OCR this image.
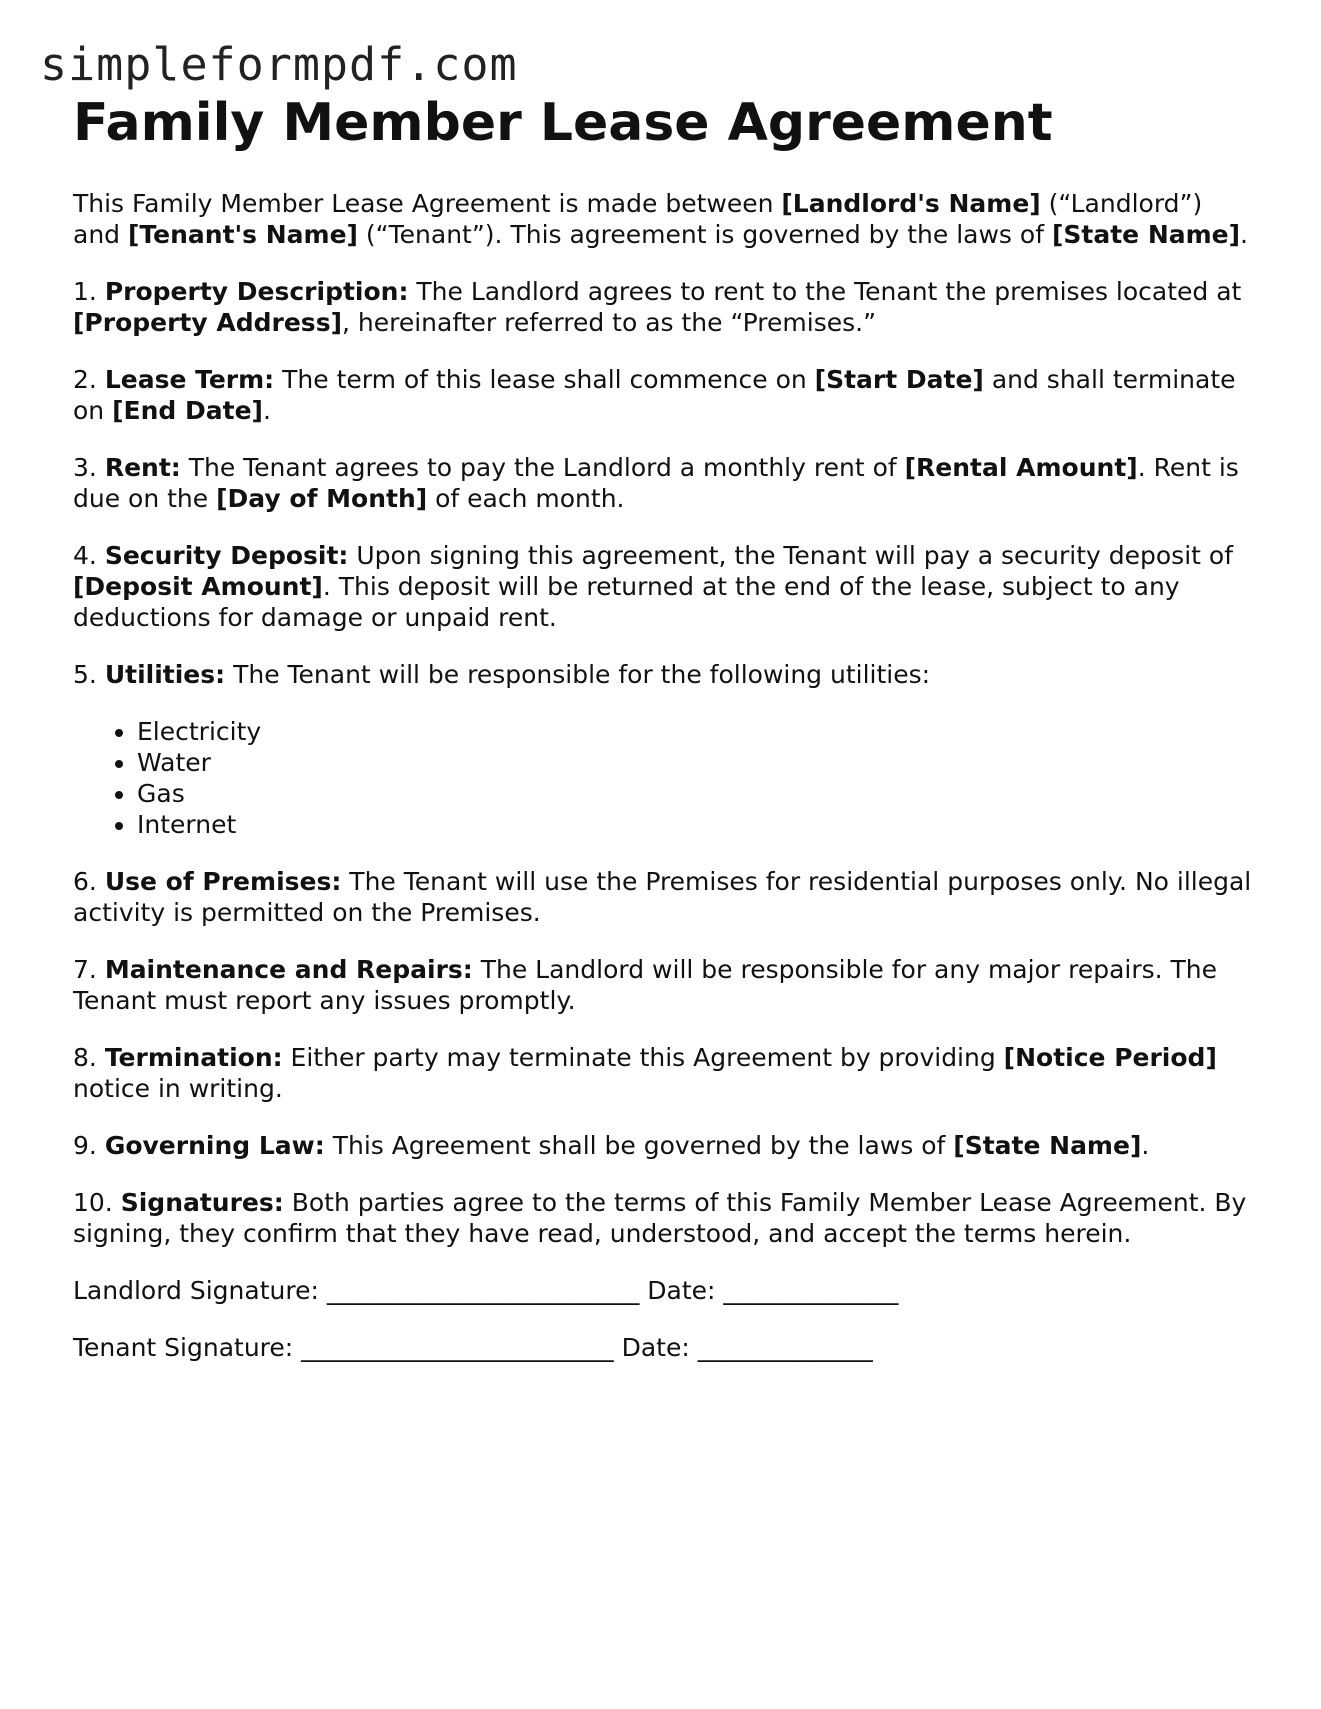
simpleformpdf.com
Family Member Lease Agreement

This Family Member Lease Agreement is made between [Landlord's Name] (“Landlord”) and [Tenant's Name] (“Tenant”). This agreement is governed by the laws of [State Name].

1. Property Description: The Landlord agrees to rent to the Tenant the premises located at [Property Address], hereinafter referred to as the “Premises.”

2. Lease Term: The term of this lease shall commence on [Start Date] and shall terminate on [End Date].

3. Rent: The Tenant agrees to pay the Landlord a monthly rent of [Rental Amount]. Rent is due on the [Day of Month] of each month.

4. Security Deposit: Upon signing this agreement, the Tenant will pay a security deposit of [Deposit Amount]. This deposit will be returned at the end of the lease, subject to any deductions for damage or unpaid rent.

5. Utilities: The Tenant will be responsible for the following utilities:

• Electricity
• Water
• Gas
• Internet

6. Use of Premises: The Tenant will use the Premises for residential purposes only. No illegal activity is permitted on the Premises.

7. Maintenance and Repairs: The Landlord will be responsible for any major repairs. The Tenant must report any issues promptly.

8. Termination: Either party may terminate this Agreement by providing [Notice Period] notice in writing.

9. Governing Law: This Agreement shall be governed by the laws of [State Name].

10. Signatures: Both parties agree to the terms of this Family Member Lease Agreement. By signing, they confirm that they have read, understood, and accept the terms herein.

Landlord Signature: _________________________ Date: ______________
Tenant Signature: _________________________ Date: ______________
